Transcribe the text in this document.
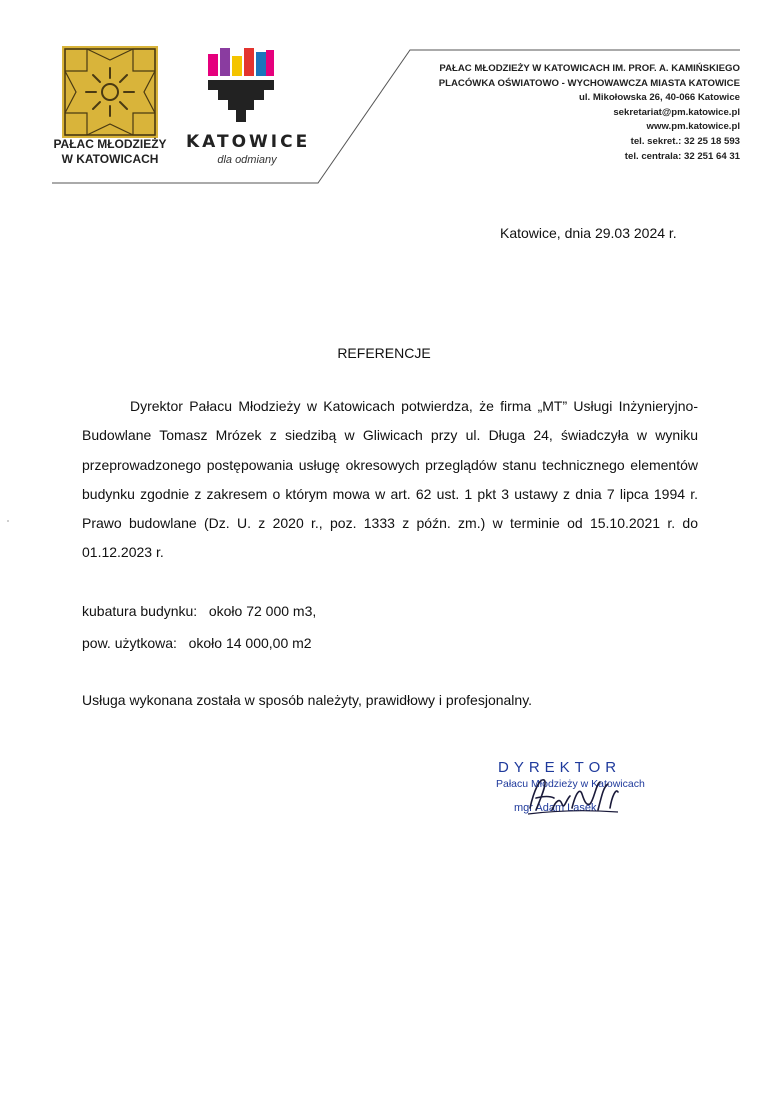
PAŁAC MŁODZIEŻY
W KATOWICACH
KATOWICE
dla odmiany
PAŁAC MŁODZIEŻY W KATOWICACH IM. PROF. A. KAMIŃSKIEGO
PLACÓWKA OŚWIATOWO - WYCHOWAWCZA MIASTA KATOWICE
ul. Mikołowska 26, 40-066 Katowice
sekretariat@pm.katowice.pl
www.pm.katowice.pl
tel. sekret.: 32 25 18 593
tel. centrala: 32 251 64 31
Katowice, dnia 29.03 2024 r.
REFERENCJE
Dyrektor Pałacu Młodzieży w Katowicach potwierdza, że firma „MT” Usługi Inżynieryjno-Budowlane Tomasz Mrózek z siedzibą w Gliwicach przy ul. Długa 24, świadczyła w wyniku przeprowadzonego postępowania usługę okresowych przeglądów stanu technicznego elementów budynku zgodnie z zakresem o którym mowa w art. 62 ust. 1 pkt 3 ustawy z dnia 7 lipca 1994 r. Prawo budowlane (Dz. U. z 2020 r., poz. 1333 z późn. zm.) w terminie od 15.10.2021 r. do 01.12.2023 r.
kubatura budynku:   około 72 000 m3,
pow. użytkowa:   około 14 000,00 m2
Usługa wykonana została w sposób należyty, prawidłowy i profesjonalny.
DYREKTOR
Pałacu Młodzieży w Katowicach
mgr Adam Lasek
